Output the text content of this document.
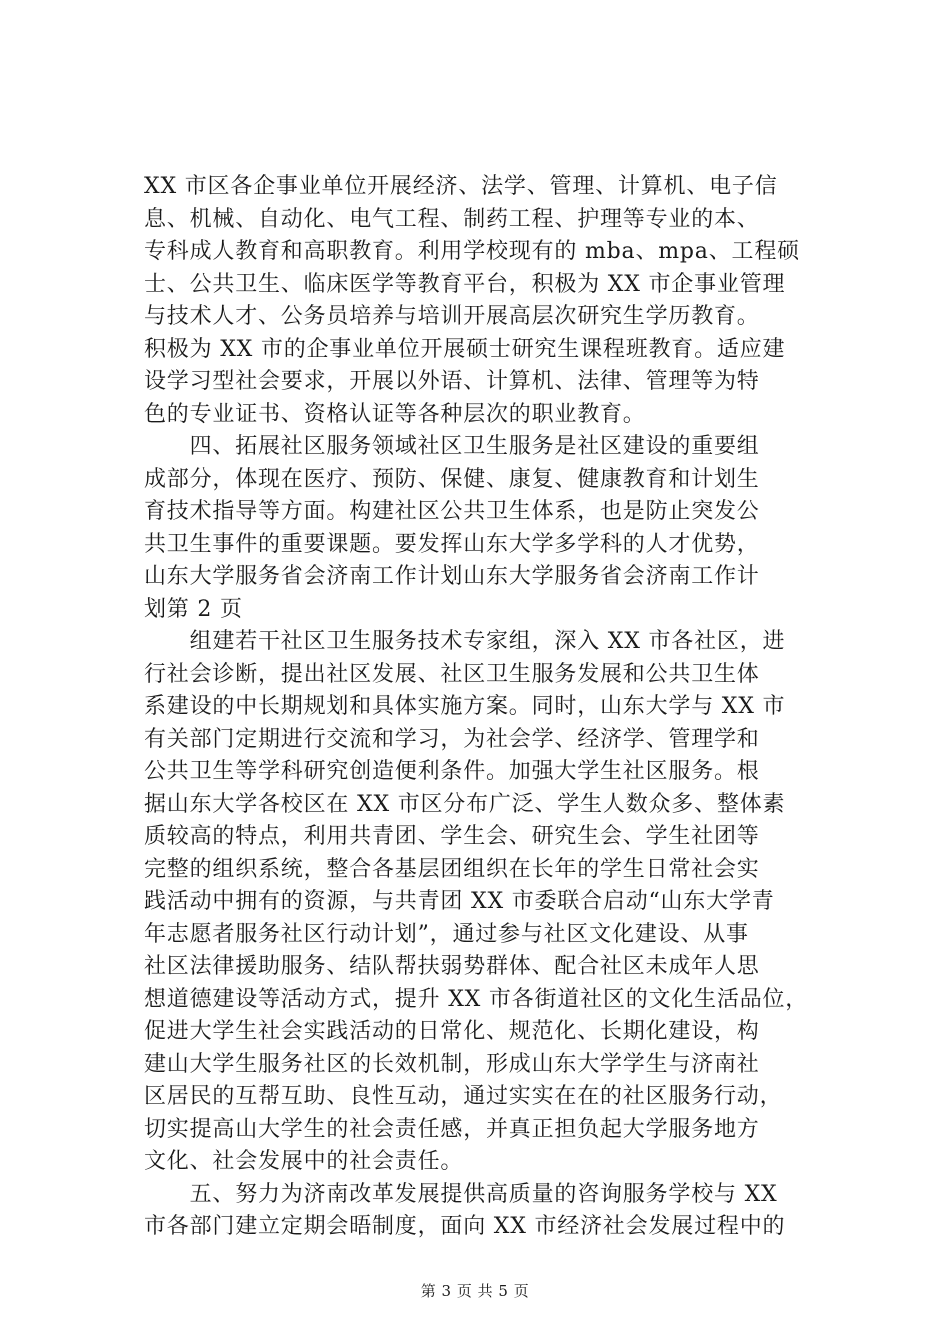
XX 市区各企事业单位开展经济、法学、管理、计算机、电子信
息、机械、自动化、电气工程、制药工程、护理等专业的本、
专科成人教育和高职教育。利用学校现有的 mba、mpa、工程硕
士、公共卫生、临床医学等教育平台，积极为 XX 市企事业管理
与技术人才、公务员培养与培训开展高层次研究生学历教育。
积极为 XX 市的企事业单位开展硕士研究生课程班教育。适应建
设学习型社会要求，开展以外语、计算机、法律、管理等为特
色的专业证书、资格认证等各种层次的职业教育。
　　四、拓展社区服务领域社区卫生服务是社区建设的重要组
成部分，体现在医疗、预防、保健、康复、健康教育和计划生
育技术指导等方面。构建社区公共卫生体系，也是防止突发公
共卫生事件的重要课题。要发挥山东大学多学科的人才优势，
山东大学服务省会济南工作计划山东大学服务省会济南工作计
划第 2 页
　　组建若干社区卫生服务技术专家组，深入 XX 市各社区，进
行社会诊断，提出社区发展、社区卫生服务发展和公共卫生体
系建设的中长期规划和具体实施方案。同时，山东大学与 XX 市
有关部门定期进行交流和学习，为社会学、经济学、管理学和
公共卫生等学科研究创造便利条件。加强大学生社区服务。根
据山东大学各校区在 XX 市区分布广泛、学生人数众多、整体素
质较高的特点，利用共青团、学生会、研究生会、学生社团等
完整的组织系统，整合各基层团组织在长年的学生日常社会实
践活动中拥有的资源，与共青团 XX 市委联合启动“山东大学青
年志愿者服务社区行动计划”，通过参与社区文化建设、从事
社区法律援助服务、结队帮扶弱势群体、配合社区未成年人思
想道德建设等活动方式，提升 XX 市各街道社区的文化生活品位，
促进大学生社会实践活动的日常化、规范化、长期化建设，构
建山大学生服务社区的长效机制，形成山东大学学生与济南社
区居民的互帮互助、良性互动，通过实实在在的社区服务行动，
切实提高山大学生的社会责任感，并真正担负起大学服务地方
文化、社会发展中的社会责任。
　　五、努力为济南改革发展提供高质量的咨询服务学校与 XX
市各部门建立定期会晤制度，面向 XX 市经济社会发展过程中的
第 3 页 共 5 页
